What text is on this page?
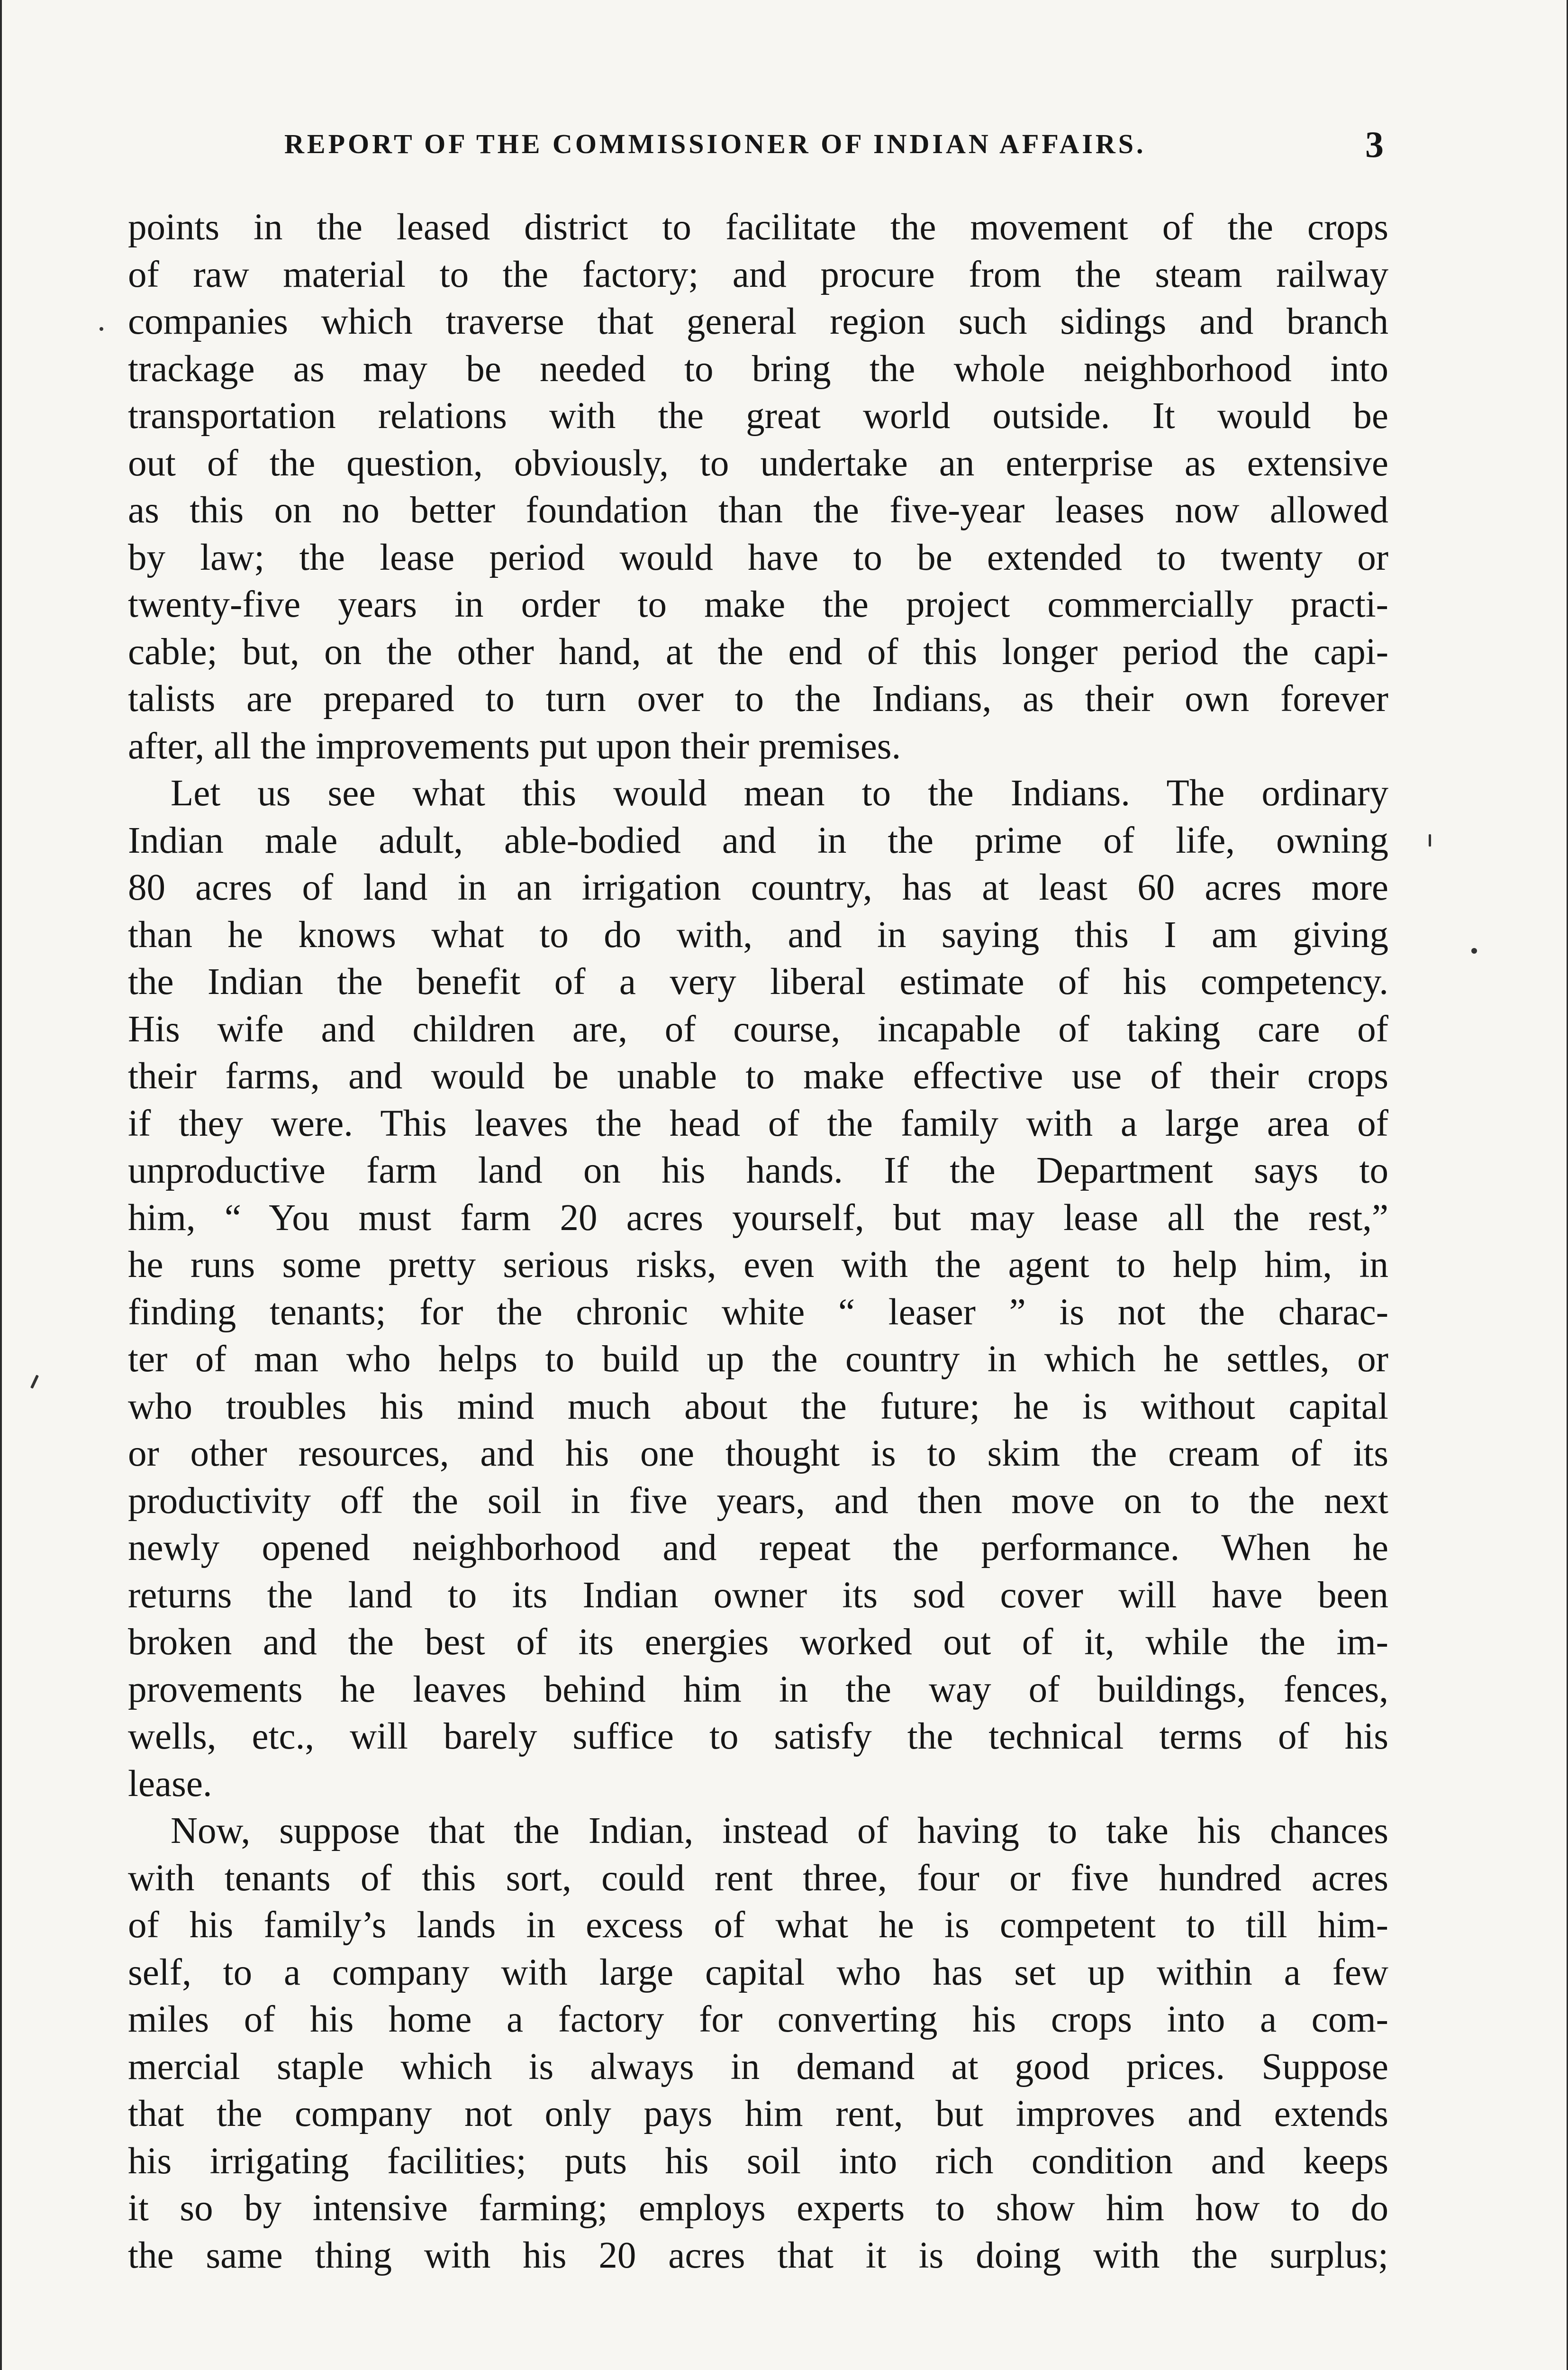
REPORT OF THE COMMISSIONER OF INDIAN AFFAIRS.	3
points in the leased district to facilitate the movement of the crops
of raw material to the factory; and procure from the steam railway
companies which traverse that general region such sidings and branch
trackage as may be needed to bring the whole neighborhood into
transportation relations with the great world outside. It would be
out of the question, obviously, to undertake an enterprise as extensive
as this on no better foundation than the five-year leases now allowed
by law; the lease period would have to be extended to twenty or
twenty-five years in order to make the project commercially practi-
cable; but, on the other hand, at the end of this longer period the capi-
talists are prepared to turn over to the Indians, as their own forever
after, all the improvements put upon their premises.
Let us see what this would mean to the Indians. The ordinary
Indian male adult, able-bodied and in the prime of life, owning
80 acres of land in an irrigation country, has at least 60 acres more
than he knows what to do with, and in saying this I am giving
the Indian the benefit of a very liberal estimate of his competency.
His wife and children are, of course, incapable of taking care of
their farms, and would be unable to make effective use of their crops
if they were. This leaves the head of the family with a large area of
unproductive farm land on his hands. If the Department says to
him, “ You must farm 20 acres yourself, but may lease all the rest,”
he runs some pretty serious risks, even with the agent to help him, in
finding tenants; for the chronic white “ leaser ” is not the charac-
ter of man who helps to build up the country in which he settles, or
who troubles his mind much about the future; he is without capital
or other resources, and his one thought is to skim the cream of its
productivity off the soil in five years, and then move on to the next
newly opened neighborhood and repeat the performance. When he
returns the land to its Indian owner its sod cover will have been
broken and the best of its energies worked out of it, while the im-
provements he leaves behind him in the way of buildings, fences,
wells, etc., will barely suffice to satisfy the technical terms of his
lease.
Now, suppose that the Indian, instead of having to take his chances
with tenants of this sort, could rent three, four or five hundred acres
of his family’s lands in excess of what he is competent to till him-
self, to a company with large capital who has set up within a few
miles of his home a factory for converting his crops into a com-
mercial staple which is always in demand at good prices. Suppose
that the company not only pays him rent, but improves and extends
his irrigating facilities; puts his soil into rich condition and keeps
it so by intensive farming; employs experts to show him how to do
the same thing with his 20 acres that it is doing with the surplus;
